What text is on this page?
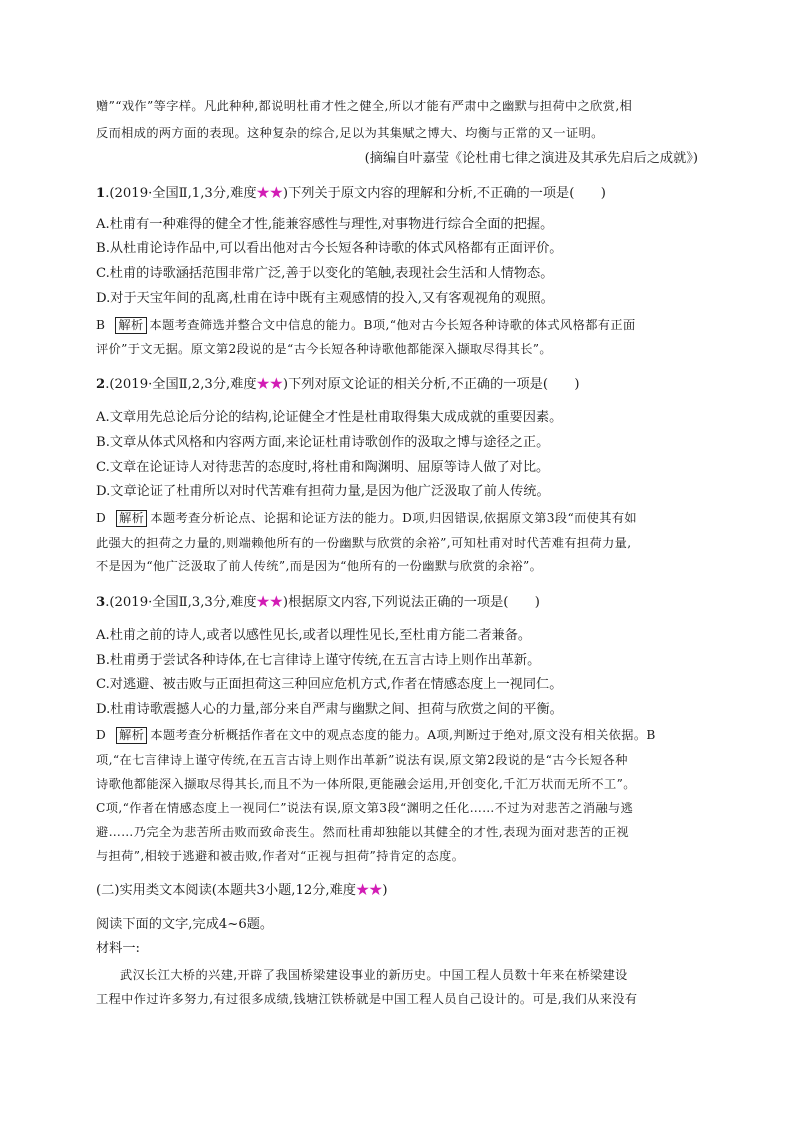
赠”“戏作”等字样。凡此种种,都说明杜甫才性之健全,所以才能有严肃中之幽默与担荷中之欣赏,相
反而相成的两方面的表现。这种复杂的综合,足以为其集赋之博大、均衡与正常的又一证明。
(摘编自叶嘉莹《论杜甫七律之演进及其承先启后之成就》)
1.(2019·全国Ⅱ,1,3分,难度★★)下列关于原文内容的理解和分析,不正确的一项是(　　)
A.杜甫有一种难得的健全才性,能兼容感性与理性,对事物进行综合全面的把握。
B.从杜甫论诗作品中,可以看出他对古今长短各种诗歌的体式风格都有正面评价。
C.杜甫的诗歌涵括范围非常广泛,善于以变化的笔触,表现社会生活和人情物态。
D.对于天宝年间的乱离,杜甫在诗中既有主观感情的投入,又有客观视角的观照。
B 解析 本题考查筛选并整合文中信息的能力。B项,“他对古今长短各种诗歌的体式风格都有正面
评价”于文无据。原文第2段说的是“古今长短各种诗歌他都能深入撷取尽得其长”。
2.(2019·全国Ⅱ,2,3分,难度★★)下列对原文论证的相关分析,不正确的一项是(　　)
A.文章用先总论后分论的结构,论证健全才性是杜甫取得集大成成就的重要因素。
B.文章从体式风格和内容两方面,来论证杜甫诗歌创作的汲取之博与途径之正。
C.文章在论证诗人对待悲苦的态度时,将杜甫和陶渊明、屈原等诗人做了对比。
D.文章论证了杜甫所以对时代苦难有担荷力量,是因为他广泛汲取了前人传统。
D 解析 本题考查分析论点、论据和论证方法的能力。D项,归因错误,依据原文第3段“而使其有如
此强大的担荷之力量的,则端赖他所有的一份幽默与欣赏的余裕”,可知杜甫对时代苦难有担荷力量,
不是因为“他广泛汲取了前人传统”,而是因为“他所有的一份幽默与欣赏的余裕”。
3.(2019·全国Ⅱ,3,3分,难度★★)根据原文内容,下列说法正确的一项是(　　)
A.杜甫之前的诗人,或者以感性见长,或者以理性见长,至杜甫方能二者兼备。
B.杜甫勇于尝试各种诗体,在七言律诗上谨守传统,在五言古诗上则作出革新。
C.对逃避、被击败与正面担荷这三种回应危机方式,作者在情感态度上一视同仁。
D.杜甫诗歌震撼人心的力量,部分来自严肃与幽默之间、担荷与欣赏之间的平衡。
D 解析 本题考查分析概括作者在文中的观点态度的能力。A项,判断过于绝对,原文没有相关依据。B
项,“在七言律诗上谨守传统,在五言古诗上则作出革新”说法有误,原文第2段说的是“古今长短各种
诗歌他都能深入撷取尽得其长,而且不为一体所限,更能融会运用,开创变化,千汇万状而无所不工”。
C项,“作者在情感态度上一视同仁”说法有误,原文第3段“渊明之任化……不过为对悲苦之消融与逃
避……乃完全为悲苦所击败而致命丧生。然而杜甫却独能以其健全的才性,表现为面对悲苦的正视
与担荷”,相较于逃避和被击败,作者对“正视与担荷”持肯定的态度。
(二)实用类文本阅读(本题共3小题,12分,难度★★)
阅读下面的文字,完成4~6题。
材料一:
武汉长江大桥的兴建,开辟了我国桥梁建设事业的新历史。中国工程人员数十年来在桥梁建设
工程中作过许多努力,有过很多成绩,钱塘江铁桥就是中国工程人员自己设计的。可是,我们从来没有
